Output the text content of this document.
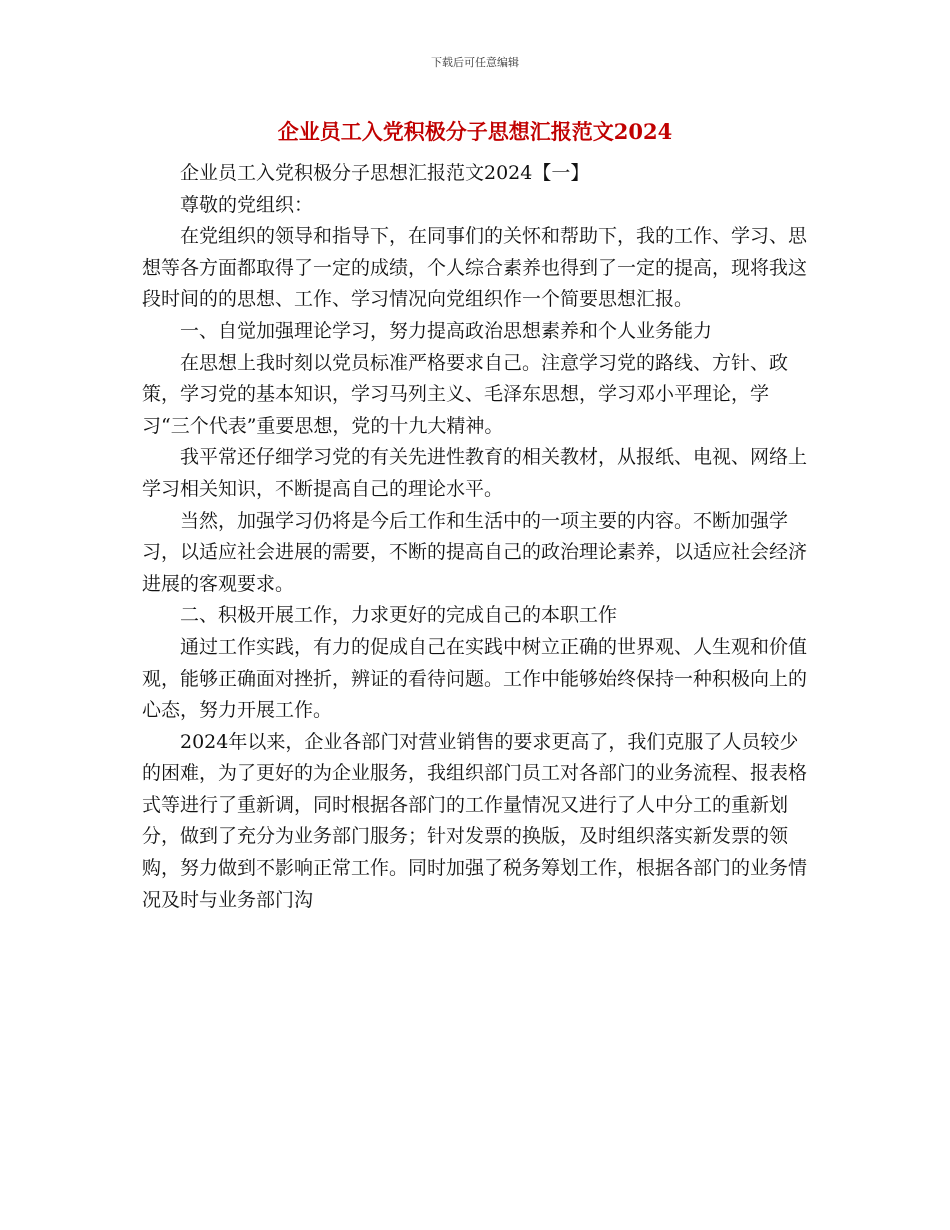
下载后可任意编辑
企业员工入党积极分子思想汇报范文2024

企业员工入党积极分子思想汇报范文2024【一】

尊敬的党组织：

在党组织的领导和指导下，在同事们的关怀和帮助下，我的工作、学习、思想等各方面都取得了一定的成绩，个人综合素养也得到了一定的提高，现将我这段时间的的思想、工作、学习情况向党组织作一个简要思想汇报。

一、自觉加强理论学习，努力提高政治思想素养和个人业务能力

在思想上我时刻以党员标准严格要求自己。注意学习党的路线、方针、政策，学习党的基本知识，学习马列主义、毛泽东思想，学习邓小平理论，学习“三个代表”重要思想，党的十九大精神。

我平常还仔细学习党的有关先进性教育的相关教材，从报纸、电视、网络上学习相关知识，不断提高自己的理论水平。

当然，加强学习仍将是今后工作和生活中的一项主要的内容。不断加强学习，以适应社会进展的需要，不断的提高自己的政治理论素养，以适应社会经济进展的客观要求。

二、积极开展工作，力求更好的完成自己的本职工作

通过工作实践，有力的促成自己在实践中树立正确的世界观、人生观和价值观，能够正确面对挫折，辨证的看待问题。工作中能够始终保持一种积极向上的心态，努力开展工作。

2024年以来，企业各部门对营业销售的要求更高了，我们克服了人员较少的困难，为了更好的为企业服务，我组织部门员工对各部门的业务流程、报表格式等进行了重新调，同时根据各部门的工作量情况又进行了人中分工的重新划分，做到了充分为业务部门服务；针对发票的换版，及时组织落实新发票的领购，努力做到不影响正常工作。同时加强了税务筹划工作，根据各部门的业务情况及时与业务部门沟
